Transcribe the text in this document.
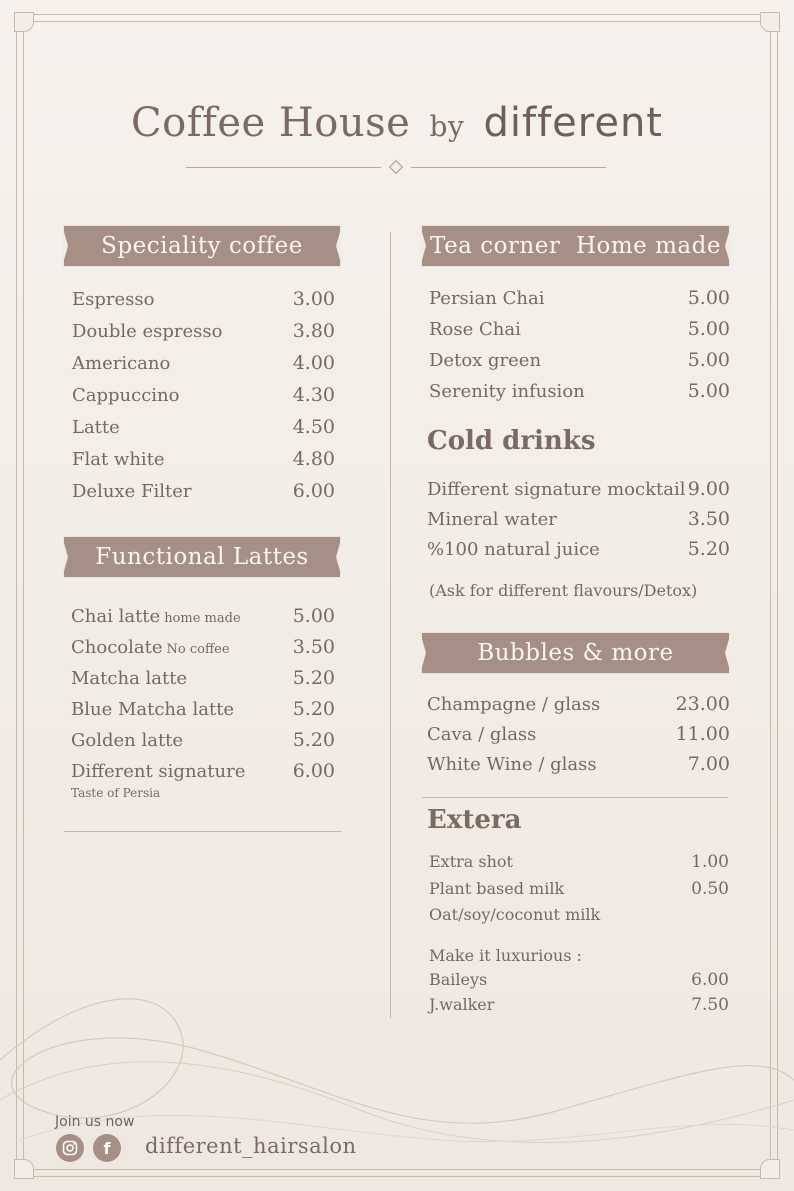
Coffee House by different
Speciality coffee
Espresso	3.00
Double espresso	3.80
Americano	4.00
Cappuccino	4.30
Latte	4.50
Flat white	4.80
Deluxe Filter	6.00
Functional Lattes
Chai latte home made	5.00
Chocolate No coffee	3.50
Matcha latte	5.20
Blue Matcha latte	5.20
Golden latte	5.20
Different signature 6.00
Taste of Persia
Tea corner  Home made
Persian Chai	5.00
Rose Chai	5.00
Detox green	5.00
Serenity infusion	5.00
Cold drinks
Different signature mocktail 9.00
Mineral water	3.50
%100 natural juice	5.20
(Ask for different flavours/Detox)
Bubbles & more
Champagne / glass	23.00
Cava / glass	11.00
White Wine / glass	7.00
Extera
Extra shot	1.00
Plant based milk	0.50
Oat/soy/coconut milk
Make it luxurious :
Baileys	6.00
J.walker	7.50
Join us now
f	different_hairsalon
